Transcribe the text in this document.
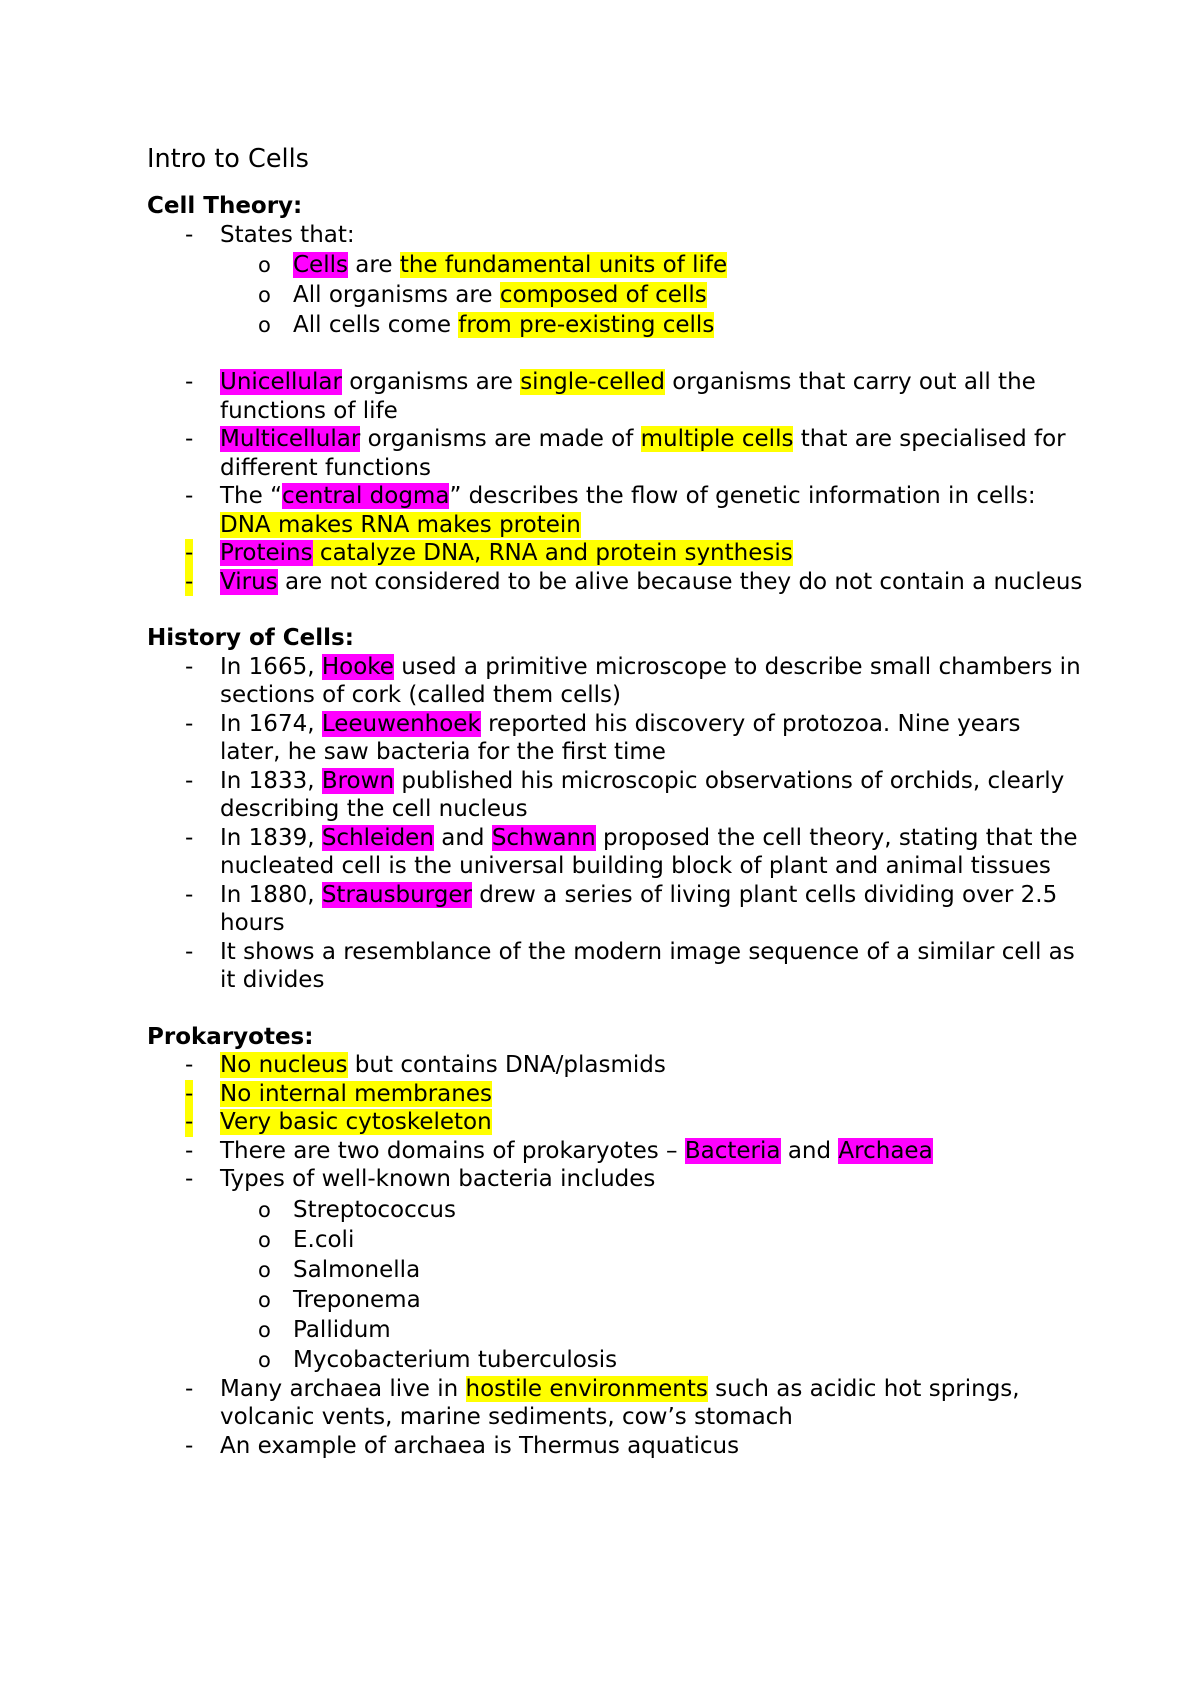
Intro to Cells
Cell Theory:
- States that:
o Cells are the fundamental units of life
o All organisms are composed of cells
o All cells come from pre-existing cells
- Unicellular organisms are single-celled organisms that carry out all the functions of life
- Multicellular organisms are made of multiple cells that are specialised for different functions
- The “central dogma” describes the flow of genetic information in cells: DNA makes RNA makes protein
- Proteins catalyze DNA, RNA and protein synthesis
- Virus are not considered to be alive because they do not contain a nucleus
History of Cells:
- In 1665, Hooke used a primitive microscope to describe small chambers in sections of cork (called them cells)
- In 1674, Leeuwenhoek reported his discovery of protozoa. Nine years later, he saw bacteria for the first time
- In 1833, Brown published his microscopic observations of orchids, clearly describing the cell nucleus
- In 1839, Schleiden and Schwann proposed the cell theory, stating that the nucleated cell is the universal building block of plant and animal tissues
- In 1880, Strausburger drew a series of living plant cells dividing over 2.5 hours
- It shows a resemblance of the modern image sequence of a similar cell as it divides
Prokaryotes:
- No nucleus but contains DNA/plasmids
- No internal membranes
- Very basic cytoskeleton
- There are two domains of prokaryotes – Bacteria and Archaea
- Types of well-known bacteria includes
o Streptococcus
o E.coli
o Salmonella
o Treponema
o Pallidum
o Mycobacterium tuberculosis
- Many archaea live in hostile environments such as acidic hot springs, volcanic vents, marine sediments, cow’s stomach
- An example of archaea is Thermus aquaticus
